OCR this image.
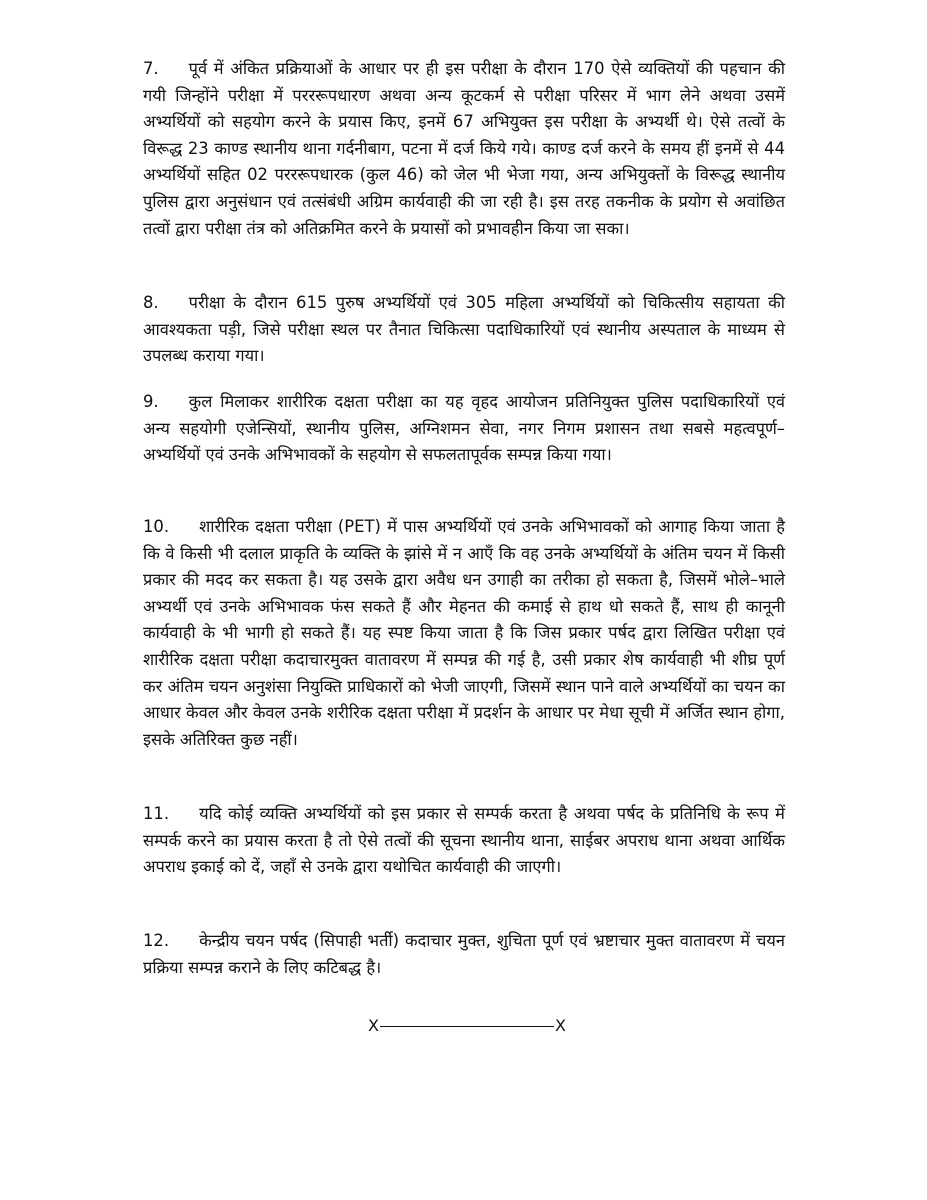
7. पूर्व में अंकित प्रक्रियाओं के आधार पर ही इस परीक्षा के दौरान 170 ऐसे व्यक्तियों की पहचान की गयी जिन्होंने परीक्षा में परररूपधारण अथवा अन्य कूटकर्म से परीक्षा परिसर में भाग लेने अथवा उसमें अभ्यर्थियों को सहयोग करने के प्रयास किए, इनमें 67 अभियुक्त इस परीक्षा के अभ्यर्थी थे। ऐसे तत्वों के विरूद्ध 23 काण्ड स्थानीय थाना गर्दनीबाग, पटना में दर्ज किये गये। काण्ड दर्ज करने के समय हीं इनमें से 44 अभ्यर्थियों सहित 02 परररूपधारक (कुल 46) को जेल भी भेजा गया, अन्य अभियुक्तों के विरूद्ध स्थानीय पुलिस द्वारा अनुसंधान एवं तत्संबंधी अग्रिम कार्यवाही की जा रही है। इस तरह तकनीक के प्रयोग से अवांछित तत्वों द्वारा परीक्षा तंत्र को अतिक्रमित करने के प्रयासों को प्रभावहीन किया जा सका।

8. परीक्षा के दौरान 615 पुरुष अभ्यर्थियों एवं 305 महिला अभ्यर्थियों को चिकित्सीय सहायता की आवश्यकता पड़ी, जिसे परीक्षा स्थल पर तैनात चिकित्सा पदाधिकारियों एवं स्थानीय अस्पताल के माध्यम से उपलब्ध कराया गया।

9. कुल मिलाकर शारीरिक दक्षता परीक्षा का यह वृहद आयोजन प्रतिनियुक्त पुलिस पदाधिकारियों एवं अन्य सहयोगी एजेन्सियों, स्थानीय पुलिस, अग्निशमन सेवा, नगर निगम प्रशासन तथा सबसे महत्वपूर्ण– अभ्यर्थियों एवं उनके अभिभावकों के सहयोग से सफलतापूर्वक सम्पन्न किया गया।

10. शारीरिक दक्षता परीक्षा (PET) में पास अभ्यर्थियों एवं उनके अभिभावकों को आगाह किया जाता है कि वे किसी भी दलाल प्राकृति के व्यक्ति के झांसे में न आएँ कि वह उनके अभ्यर्थियों के अंतिम चयन में किसी प्रकार की मदद कर सकता है। यह उसके द्वारा अवैध धन उगाही का तरीका हो सकता है, जिसमें भोले–भाले अभ्यर्थी एवं उनके अभिभावक फंस सकते हैं और मेहनत की कमाई से हाथ धो सकते हैं, साथ ही कानूनी कार्यवाही के भी भागी हो सकते हैं। यह स्पष्ट किया जाता है कि जिस प्रकार पर्षद द्वारा लिखित परीक्षा एवं शारीरिक दक्षता परीक्षा कदाचारमुक्त वातावरण में सम्पन्न की गई है, उसी प्रकार शेष कार्यवाही भी शीघ्र पूर्ण कर अंतिम चयन अनुशंसा नियुक्ति प्राधिकारों को भेजी जाएगी, जिसमें स्थान पाने वाले अभ्यर्थियों का चयन का आधार केवल और केवल उनके शरीरिक दक्षता परीक्षा में प्रदर्शन के आधार पर मेधा सूची में अर्जित स्थान होगा, इसके अतिरिक्त कुछ नहीं।

11. यदि कोई व्यक्ति अभ्यर्थियों को इस प्रकार से सम्पर्क करता है अथवा पर्षद के प्रतिनिधि के रूप में सम्पर्क करने का प्रयास करता है तो ऐसे तत्वों की सूचना स्थानीय थाना, साईबर अपराध थाना अथवा आर्थिक अपराध इकाई को दें, जहाँ से उनके द्वारा यथोचित कार्यवाही की जाएगी।

12. केन्द्रीय चयन पर्षद (सिपाही भर्ती) कदाचार मुक्त, शुचिता पूर्ण एवं भ्रष्टाचार मुक्त वातावरण में चयन प्रक्रिया सम्पन्न कराने के लिए कटिबद्ध है।

X	X
